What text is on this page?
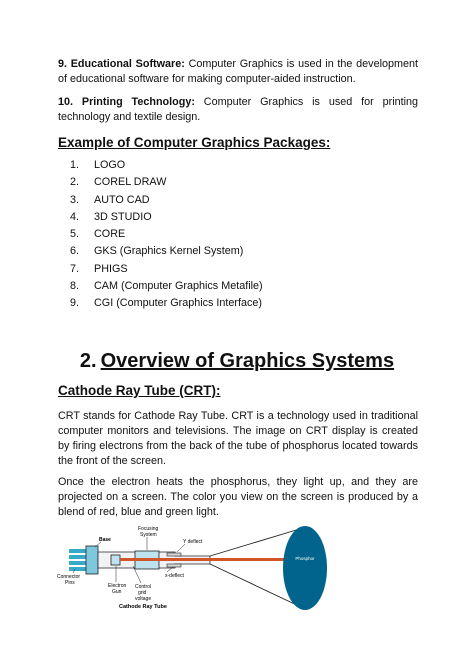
9. Educational Software: Computer Graphics is used in the development of educational software for making computer-aided instruction.

10. Printing Technology: Computer Graphics is used for printing technology and textile design.

Example of Computer Graphics Packages:
1. LOGO
2. COREL DRAW
3. AUTO CAD
4. 3D STUDIO
5. CORE
6. GKS (Graphics Kernel System)
7. PHIGS
8. CAM (Computer Graphics Metafile)
9. CGI (Computer Graphics Interface)
2. Overview of Graphics Systems
Cathode Ray Tube (CRT):

CRT stands for Cathode Ray Tube. CRT is a technology used in traditional computer monitors and televisions. The image on CRT display is created by firing electrons from the back of the tube of phosphorus located towards the front of the screen.

Once the electron heats the phosphorus, they light up, and they are projected on a screen. The color you view on the screen is produced by a blend of red, blue and green light.

Phosphor
Base
Focusing
System
Y deflect
x-deflect
Connector
Pins	Electron
Gun
Control
grid
voltage
Cathode Ray Tube
